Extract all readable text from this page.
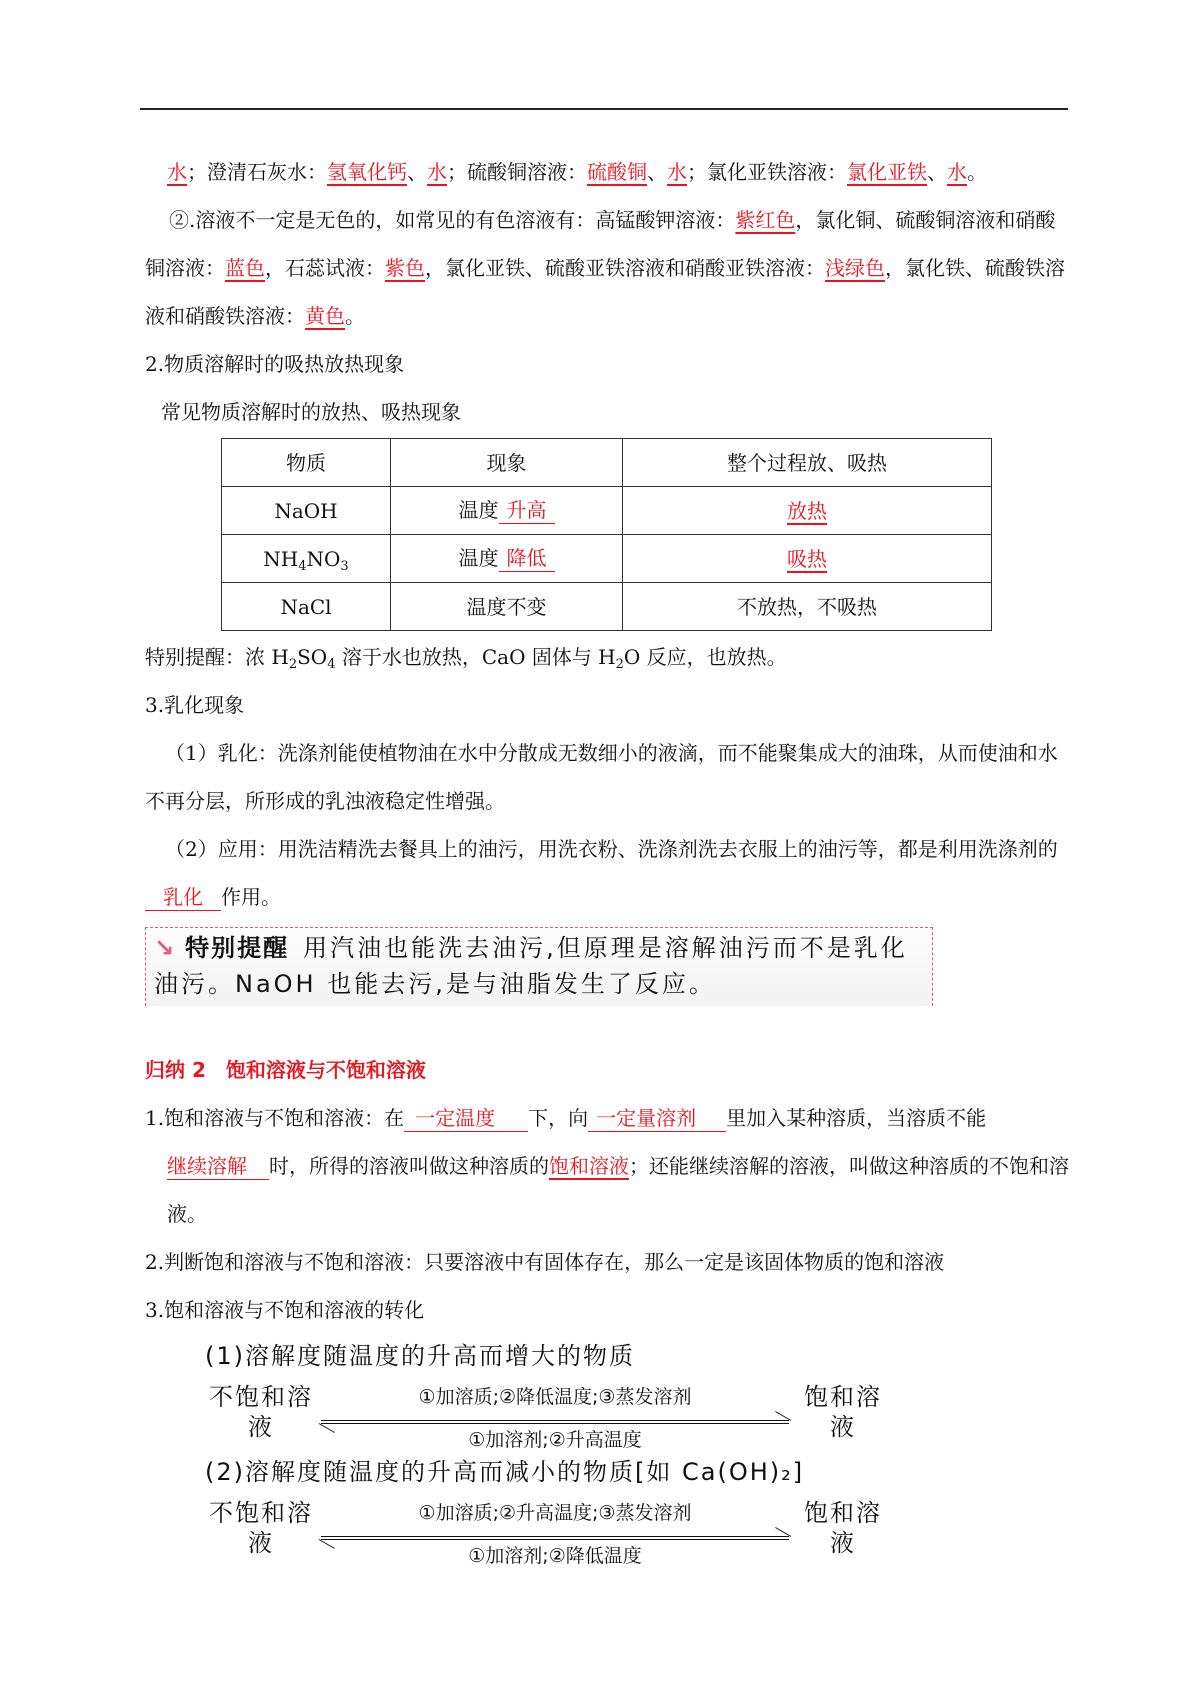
水；澄清石灰水：氢氧化钙、水；硫酸铜溶液：硫酸铜、水；氯化亚铁溶液：氯化亚铁、水。

②.溶液不一定是无色的，如常见的有色溶液有：高锰酸钾溶液：紫红色，氯化铜、硫酸铜溶液和硝酸铜溶液：蓝色，石蕊试液：紫色，氯化亚铁、硫酸亚铁溶液和硝酸亚铁溶液：浅绿色，氯化铁、硫酸铁溶液和硝酸铁溶液：黄色。

2.物质溶解时的吸热放热现象

常见物质溶解时的放热、吸热现象

物质	现象	整个过程放、吸热
NaOH	温度 升高	放热
$NH_4NO_3$	温度 降低	吸热
NaCl	温度不变	不放热，不吸热

特别提醒：浓 $H_2SO_4$ 溶于水也放热，CaO 固体与 $H_2O$ 反应，也放热。

3.乳化现象

（1）乳化：洗涤剂能使植物油在水中分散成无数细小的液滴，而不能聚集成大的油珠，从而使油和水不再分层，所形成的乳浊液稳定性增强。

（2）应用：用洗洁精洗去餐具上的油污，用洗衣粉、洗涤剂洗去衣服上的油污等，都是利用洗涤剂的乳化 作用。

↘ 特别提醒 用汽油也能洗去油污,但原理是溶解油污而不是乳化油污。NaOH 也能去污,是与油脂发生了反应。

归纳 2 饱和溶液与不饱和溶液

1.饱和溶液与不饱和溶液：在 一定温度 下，向 一定量溶剂 里加入某种溶质，当溶质不能继续溶解 时，所得的溶液叫做这种溶质的饱和溶液；还能继续溶解的溶液，叫做这种溶质的不饱和溶液。

2.判断饱和溶液与不饱和溶液：只要溶液中有固体存在，那么一定是该固体物质的饱和溶液

3.饱和溶液与不饱和溶液的转化

(1)溶解度随温度的升高而增大的物质
不饱和溶液
①加溶质;②降低温度;③蒸发溶剂
①加溶剂;②升高温度
饱和溶液
(2)溶解度随温度的升高而减小的物质[如 Ca(OH)₂]
不饱和溶液
①加溶质;②升高温度;③蒸发溶剂
①加溶剂;②降低温度
饱和溶液
